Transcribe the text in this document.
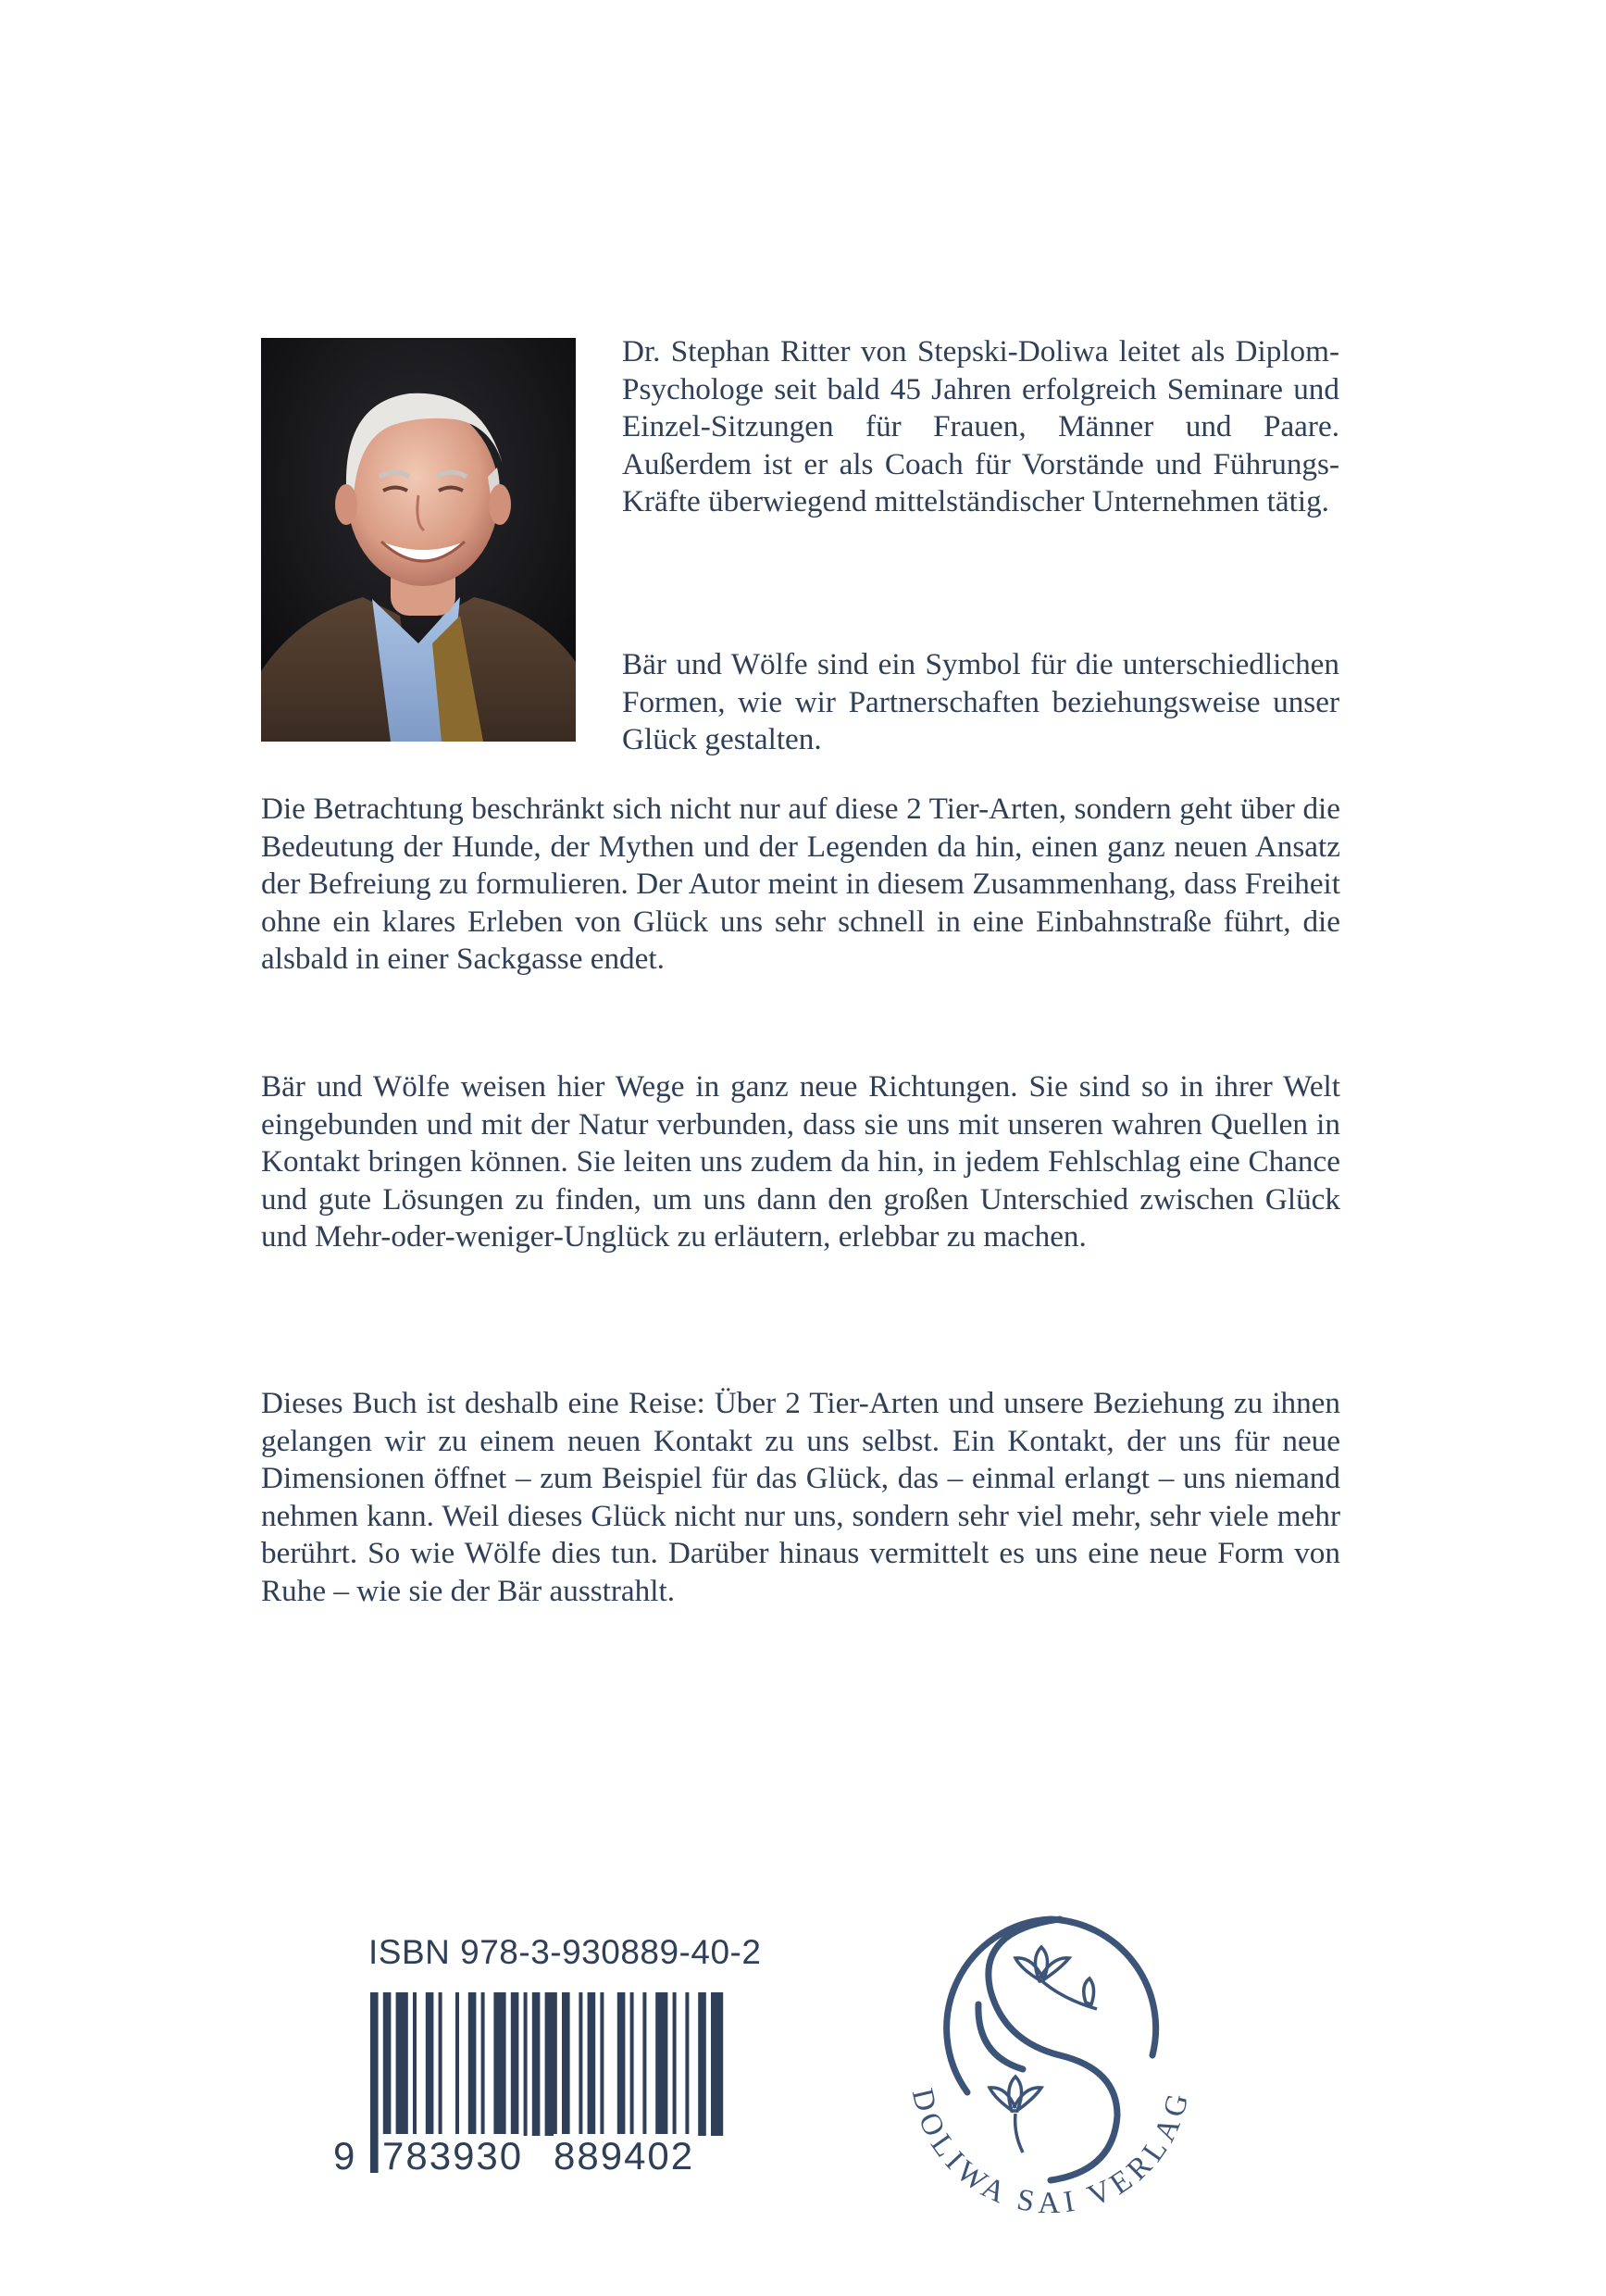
Dr. Stephan Ritter von Stepski-Doliwa leitet als Diplom-Psychologe seit bald 45 Jahren erfolgreich Seminare und Einzel-Sitzungen für Frauen, Männer und Paare. Außerdem ist er als Coach für Vorstände und Führungs-Kräfte überwiegend mittelständischer Unternehmen tätig.

Bär und Wölfe sind ein Symbol für die unterschiedlichen Formen, wie wir Partnerschaften beziehungsweise unser Glück gestalten.

Die Betrachtung beschränkt sich nicht nur auf diese 2 Tier-Arten, sondern geht über die Bedeutung der Hunde, der Mythen und der Legenden da hin, einen ganz neuen Ansatz der Befreiung zu formulieren. Der Autor meint in diesem Zusammenhang, dass Freiheit ohne ein klares Erleben von Glück uns sehr schnell in eine Einbahnstraße führt, die alsbald in einer Sackgasse endet.

Bär und Wölfe weisen hier Wege in ganz neue Richtungen. Sie sind so in ihrer Welt eingebunden und mit der Natur verbunden, dass sie uns mit unseren wahren Quellen in Kontakt bringen können. Sie leiten uns zudem da hin, in jedem Fehlschlag eine Chance und gute Lösungen zu finden, um uns dann den großen Unterschied zwischen Glück und Mehr-oder-weniger-Unglück zu erläutern, erlebbar zu machen.

Dieses Buch ist deshalb eine Reise: Über 2 Tier-Arten und unsere Beziehung zu ihnen gelangen wir zu einem neuen Kontakt zu uns selbst. Ein Kontakt, der uns für neue Dimensionen öffnet – zum Beispiel für das Glück, das – einmal erlangt – uns niemand nehmen kann. Weil dieses Glück nicht nur uns, sondern sehr viel mehr, sehr viele mehr berührt. So wie Wölfe dies tun. Darüber hinaus vermittelt es uns eine neue Form von Ruhe – wie sie der Bär ausstrahlt.

ISBN 978-3-930889-40-2
9 783930 889402
DOLIWA SAI VERLAG
